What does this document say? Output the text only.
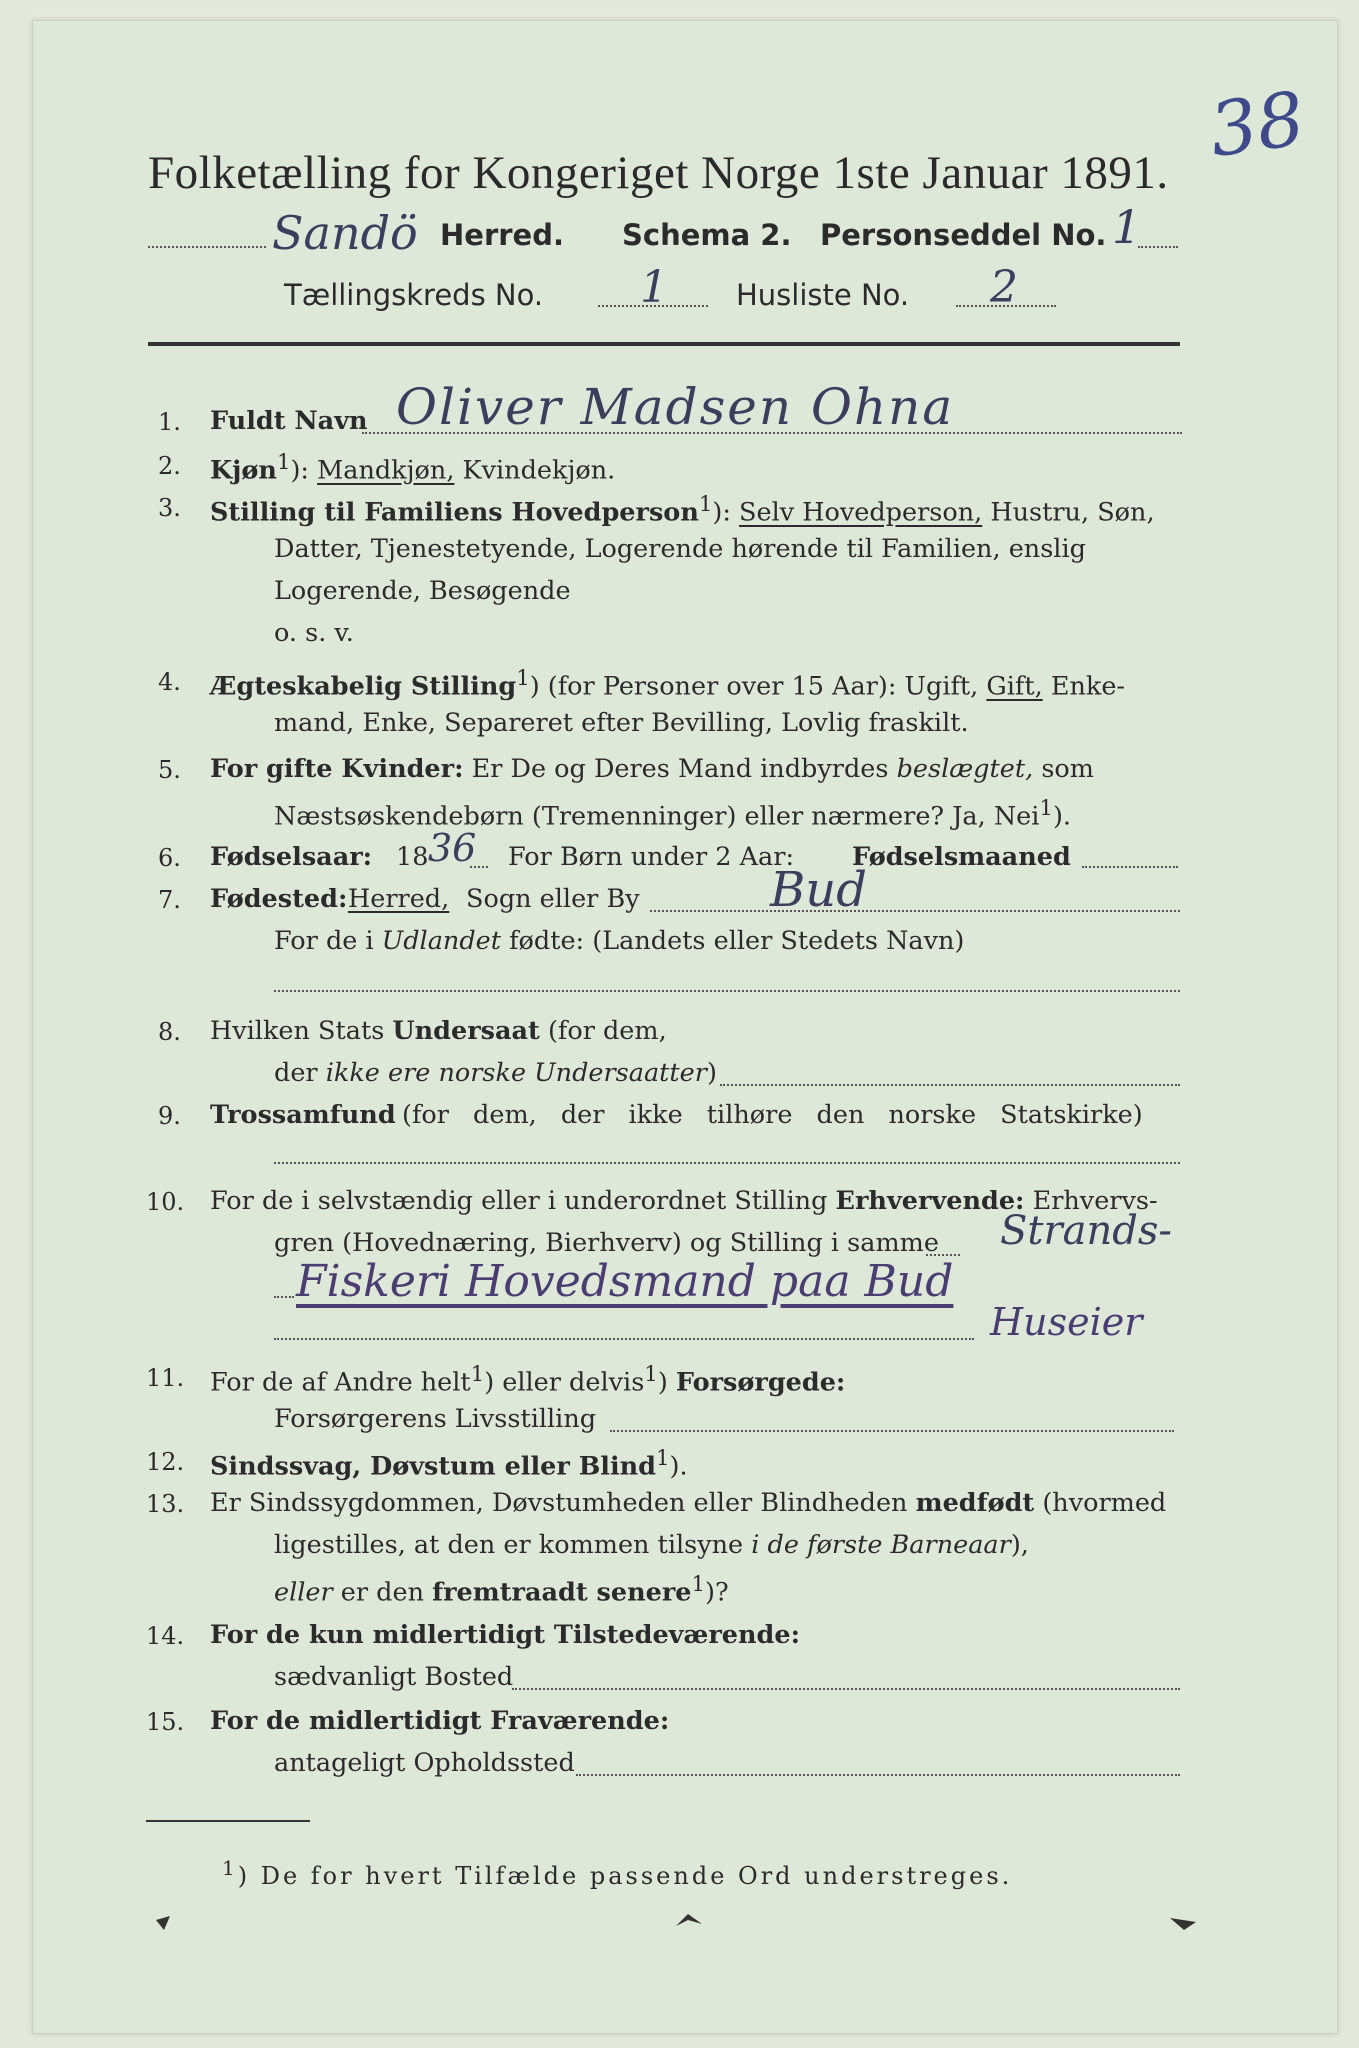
38
Folketælling for Kongeriget Norge 1ste Januar 1891.
Sandö Herred. Schema 2. Personseddel No. 1
Tællingskreds No. 1 Husliste No. 2
1. Fuldt Navn Oliver Madsen Ohna
2. Kjøn$^1$): Mandkjøn, Kvindekjøn.
3. Stilling til Familiens Hovedperson$^1$): Selv Hovedperson, Hustru, Søn,
Datter, Tjenestetyende, Logerende hørende til Familien, enslig
Logerende, Besøgende
o. s. v.
4. Ægteskabelig Stilling$^1$) (for Personer over 15 Aar): Ugift, Gift, Enke-
mand, Enke, Separeret efter Bevilling, Lovlig fraskilt.
5. For gifte Kvinder: Er De og Deres Mand indbyrdes beslægtet, som
Næstsøskendebørn (Tremenninger) eller nærmere? Ja, Nei$^1$).
6. Fødselsaar: 18 36 For Børn under 2 Aar: Fødselsmaaned
7. Fødested: Herred, Sogn eller By	Bud
For de i Udlandet fødte: (Landets eller Stedets Navn)
8. Hvilken Stats Undersaat (for dem,
der ikke ere norske Undersaatter)
9. Trossamfund (for dem, der ikke tilhøre den norske Statskirke)
10. For de i selvstændig eller i underordnet Stilling Erhvervende: Erhvervs-
gren (Hovednæring, Bierhverv) og Stilling i samme Strands-
Fiskeri Hovedsmand paa Bud
Huseier
11. For de af Andre helt$^1$) eller delvis$^1$) Forsørgede:
Forsørgerens Livsstilling
12. Sindssvag, Døvstum eller Blind$^1$).
13. Er Sindssygdommen, Døvstumheden eller Blindheden medfødt (hvormed
ligestilles, at den er kommen tilsyne i de første Barneaar),
eller er den fremtraadt senere$^1$)?
14. For de kun midlertidigt Tilstedeværende:
sædvanligt Bosted
15. For de midlertidigt Fraværende:
antageligt Opholdssted
$^1$) De for hvert Tilfælde passende Ord understreges.
